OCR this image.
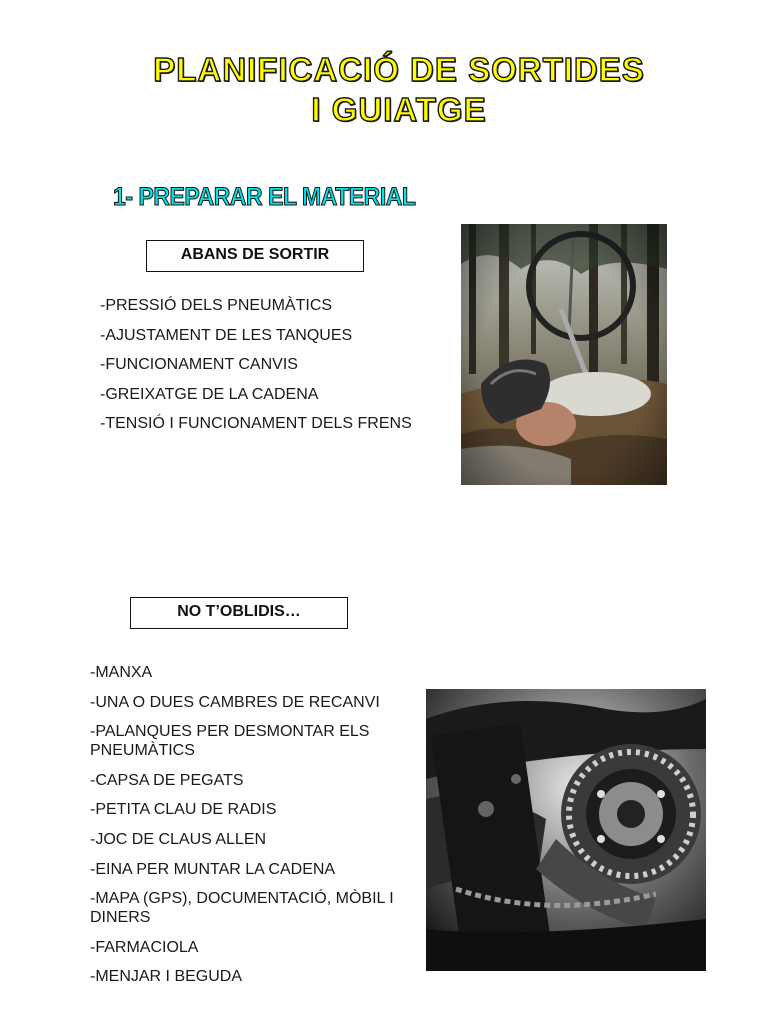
PLANIFICACIÓ DE SORTIDES
I GUIATGE
1- PREPARAR EL MATERIAL
ABANS DE SORTIR
-PRESSIÓ DELS PNEUMÀTICS
-AJUSTAMENT DE LES TANQUES
-FUNCIONAMENT CANVIS
-GREIXATGE DE LA CADENA
-TENSIÓ I FUNCIONAMENT DELS FRENS
NO T’OBLIDIS…
-MANXA
-UNA O DUES CAMBRES DE RECANVI
-PALANQUES PER DESMONTAR ELS PNEUMÀTICS
-CAPSA DE PEGATS
-PETITA CLAU DE RADIS
-JOC DE CLAUS ALLEN
-EINA PER MUNTAR LA CADENA
-MAPA (GPS), DOCUMENTACIÓ, MÒBIL I DINERS
-FARMACIOLA
-MENJAR I BEGUDA
